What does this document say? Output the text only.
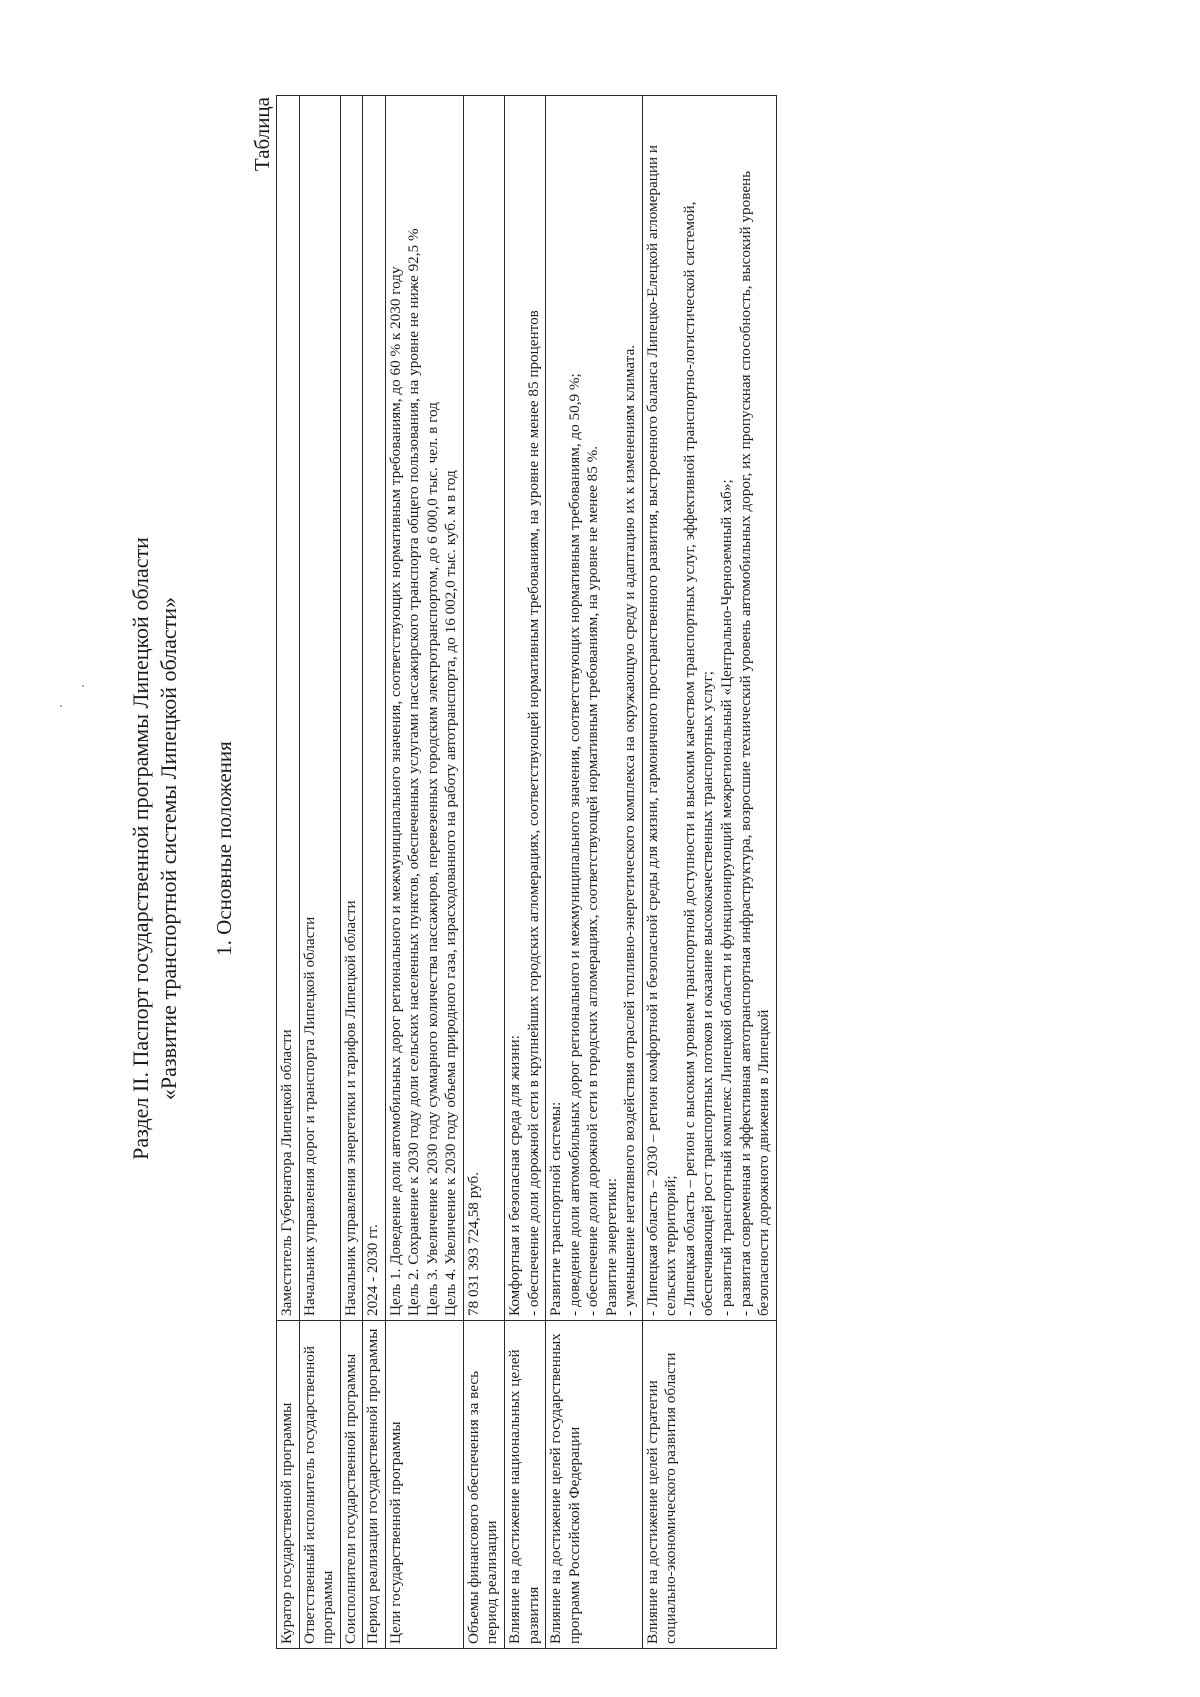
Раздел II. Паспорт государственной программы Липецкой области «Развитие транспортной системы Липецкой области» 1. Основные положения
Таблица
Куратор государственной программы	Заместитель Губернатора Липецкой области

Ответственный исполнитель государственной программы	Начальник управления дорог и транспорта Липецкой области

Соисполнители государственной программы	Начальник управления энергетики и тарифов Липецкой области

Период реализации государственной программы	2024 - 2030 гг.

Цели государственной программы	Цель 1. Доведение доли автомобильных дорог регионального и межмуниципального значения, соответствующих нормативным требованиям, до 60 % к 2030 году Цель 2. Сохранение к 2030 году доли сельских населенных пунктов, обеспеченных услугами пассажирского транспорта общего пользования, на уровне не ниже 92,5 % Цель 3. Увеличение к 2030 году суммарного количества пассажиров, перевезенных городским электротранспортом, до 6 000,0 тыс. чел. в год Цель 4. Увеличение к 2030 году объема природного газа, израсходованного на работу автотранспорта, до 16 002,0 тыс. куб. м в год

Объемы финансового обеспечения за весь период реализации	78 031 393 724,58 руб.

Влияние на достижение национальных целей развития	Комфортная и безопасная среда для жизни: - обеспечение доли дорожной сети в крупнейших городских агломерациях, соответствующей нормативным требованиям, на уровне не менее 85 процентов

Влияние на достижение целей государственных программ Российской Федерации	Развитие транспортной системы: - доведение доли автомобильных дорог регионального и межмуниципального значения, соответствующих нормативным требованиям, до 50,9 %; - обеспечение доли дорожной сети в городских агломерациях, соответствующей нормативным требованиям, на уровне не менее 85 %. Развитие энергетики: - уменьшение негативного воздействия отраслей топливно-энергетического комплекса на окружающую среду и адаптацию их к изменениям климата.

Влияние на достижение целей стратегии социально-экономического развития области	- Липецкая область – 2030 – регион комфортной и безопасной среды для жизни, гармоничного пространственного развития, выстроенного баланса Липецко-Елецкой агломерации и сельских территорий; - Липецкая область – регион с высоким уровнем транспортной доступности и высоким качеством транспортных услуг, эффективной транспортно-логистической системой, обеспечивающей рост транспортных потоков и оказание высококачественных транспортных услуг; - развитый транспортный комплекс Липецкой области и функционирующий межрегиональный «Центрально-Черноземный хаб»; - развитая современная и эффективная автотранспортная инфраструктура, возросшие технический уровень автомобильных дорог, их пропускная способность, высокий уровень безопасности дорожного движения в Липецкой
